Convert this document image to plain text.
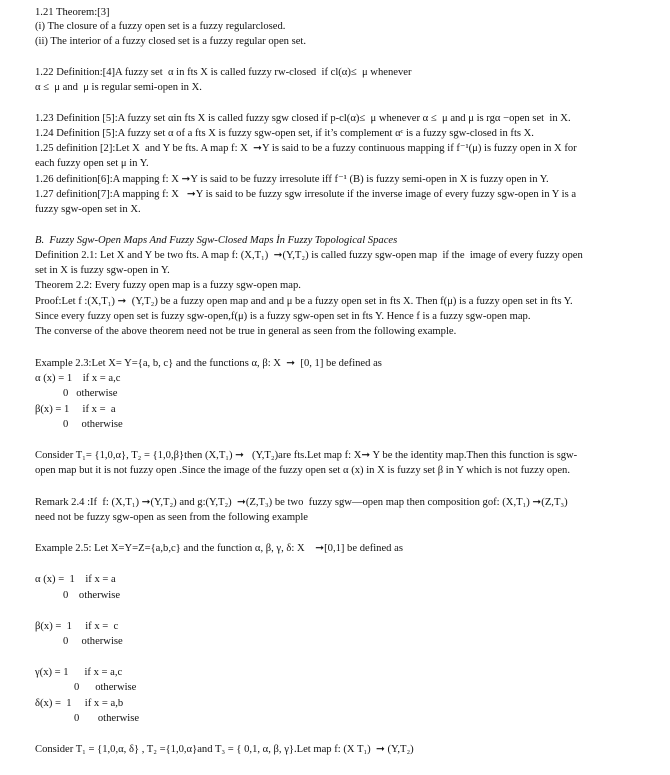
1.21 Theorem:[3]

(i) The closure of a fuzzy open set is a fuzzy regularclosed.

(ii) The interior of a fuzzy closed set is a fuzzy regular open set.

1.22 Definition:[4]A fuzzy set  α in fts X is called fuzzy rw-closed  if cl(α)≤  μ whenever

α ≤  μ and  μ is regular semi-open in X.

1.23 Definition [5]:A fuzzy set αin fts X is called fuzzy sgw closed if p-cl(α)≤  μ whenever α ≤  μ and μ is rgα −open set  in X.

1.24 Definition [5]:A fuzzy set α of a fts X is fuzzy sgw-open set, if it’s complement αᶜ is a fuzzy sgw-closed in fts X.

1.25 definition [2]:Let X  and Y be fts. A map f: X  ➞Y is said to be a fuzzy continuous mapping if f⁻¹(μ) is fuzzy open in X for

each fuzzy open set μ in Y.

1.26 definition[6]:A mapping f: X ➞Y is said to be fuzzy irresolute iff f⁻¹ (B) is fuzzy semi-open in X is fuzzy open in Y.

1.27 definition[7]:A mapping f: X   ➞Y is said to be fuzzy sgw irresolute if the inverse image of every fuzzy sgw-open in Y is a

fuzzy sgw-open set in X.

B.  Fuzzy Sgw-Open Maps And Fuzzy Sgw-Closed Maps İn Fuzzy Topological Spaces

Definition 2.1: Let X and Y be two fts. A map f: (X,T₁)  ➞(Y,T₂) is called fuzzy sgw-open map  if the  image of every fuzzy open

set in X is fuzzy sgw-open in Y.

Theorem 2.2: Every fuzzy open map is a fuzzy sgw-open map.

Proof:Let f :(X,T₁) ➞  (Y,T₂) be a fuzzy open map and and μ be a fuzzy open set in fts X. Then f(μ) is a fuzzy open set in fts Y.

Since every fuzzy open set is fuzzy sgw-open,f(μ) is a fuzzy sgw-open set in fts Y. Hence f is a fuzzy sgw-open map.

The converse of the above theorem need not be true in general as seen from the following example.

Example 2.3:Let X= Y={a, b, c} and the functions α, β: X  ➞  [0, 1] be defined as

α (x) = 1    if x = a,c

0   otherwise

β(x) = 1     if x =  a

0     otherwise

Consider T₁= {1,0,α}, T₂ = {1,0,β}then (X,T₁) ➞   (Y,T₂)are fts.Let map f: X➞ Y be the identity map.Then this function is sgw-

open map but it is not fuzzy open .Since the image of the fuzzy open set α (x) in X is fuzzy set β in Y which is not fuzzy open.

Remark 2.4 :If  f: (X,T₁) ➞(Y,T₂) and g:(Y,T₂)  ➞(Z,T₃) be two  fuzzy sgw—open map then composition gof: (X,T₁) ➞(Z,T₃)

need not be fuzzy sgw-open as seen from the following example

Example 2.5: Let X=Y=Z={a,b,c} and the function α, β, γ, δ: X    ➞[0,1] be defined as

α (x) =  1    if x = a

0    otherwise

β(x) =  1     if x =  c

0     otherwise

γ(x) = 1      if x = a,c

0      otherwise

δ(x) =  1     if x = a,b

0       otherwise

Consider T₁ = {1,0,α, δ} , T₂ ={1,0,α}and T₃ = { 0,1, α, β, γ}.Let map f: (X T₁)  ➞ (Y,T₂)
